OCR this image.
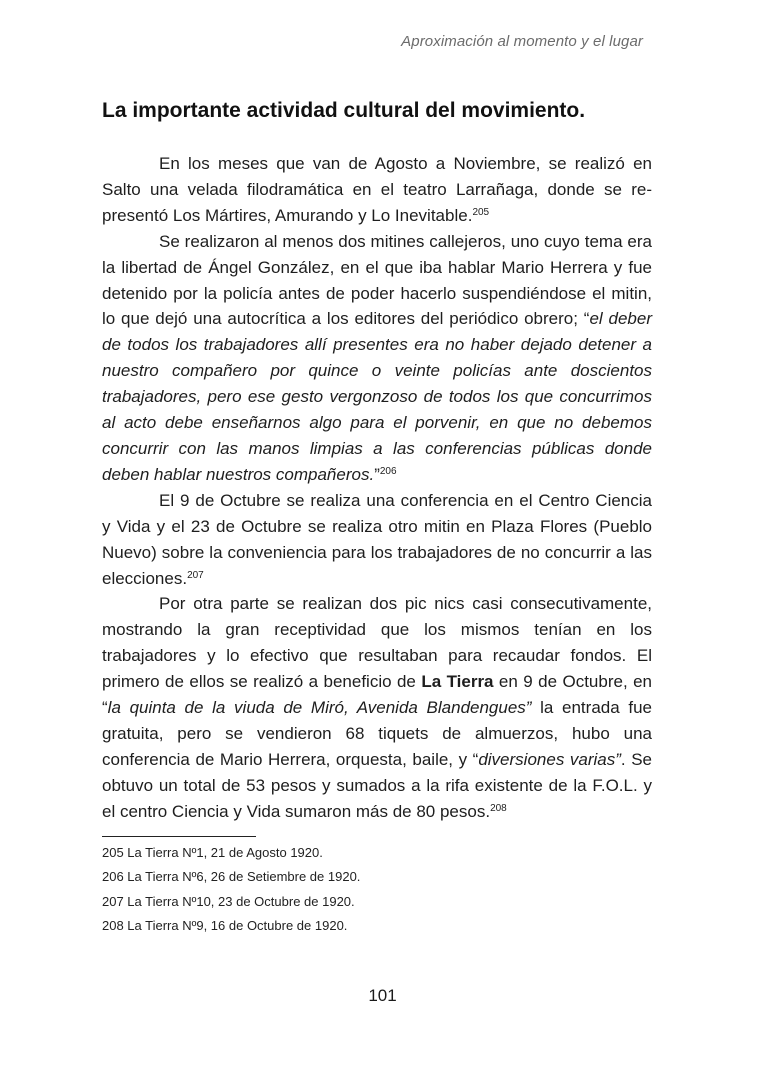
Aproximación al momento y el lugar
La importante actividad cultural del movimiento.

En los meses que van de Agosto a Noviembre, se realizó en Salto una velada filodramática en el teatro Larrañaga, donde se representó Los Mártires, Amurando y Lo Inevitable.$^{205}$

Se realizaron al menos dos mitines callejeros, uno cuyo tema era la libertad de Ángel González, en el que iba hablar Mario Herrera y fue detenido por la policía antes de poder hacerlo suspendiéndose el mitin, lo que dejó una autocrítica a los editores del periódico obrero; “el deber de todos los trabajadores allí presentes era no haber dejado detener a nuestro compañero por quince o veinte policías ante doscientos trabajadores, pero ese gesto vergonzoso de todos los que concurrimos al acto debe enseñarnos algo para el porvenir, en que no debemos concurrir con las manos limpias a las conferencias públicas donde deben hablar nuestros compañeros.”$^{206}$

El 9 de Octubre se realiza una conferencia en el Centro Ciencia y Vida y el 23 de Octubre se realiza otro mitin en Plaza Flores (Pueblo Nuevo) sobre la conveniencia para los trabajadores de no concurrir a las elecciones.$^{207}$

Por otra parte se realizan dos pic nics casi consecutivamente, mostrando la gran receptividad que los mismos tenían en los trabajadores y lo efectivo que resultaban para recaudar fondos. El primero de ellos se realizó a beneficio de La Tierra en 9 de Octubre, en “la quinta de la viuda de Miró, Avenida Blandengues” la entrada fue gratuita, pero se vendieron 68 tiquets de almuerzos, hubo una conferencia de Mario Herrera, orquesta, baile, y “diversiones varias”. Se obtuvo un total de 53 pesos y sumados a la rifa existente de la F.O.L. y el centro Ciencia y Vida sumaron más de 80 pesos.$^{208}$

205 La Tierra Nº1, 21 de Agosto 1920.
206 La Tierra Nº6, 26 de Setiembre de 1920.
207 La Tierra Nº10, 23 de Octubre de 1920.
208 La Tierra Nº9, 16 de Octubre de 1920.
101
